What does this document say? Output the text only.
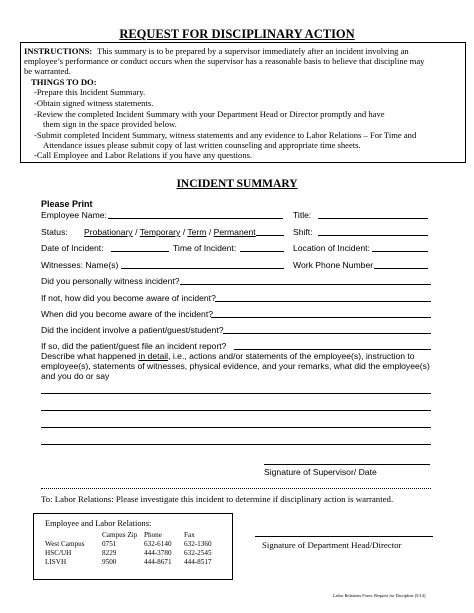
REQUEST FOR DISCIPLINARY ACTION
INSTRUCTIONS: This summary is to be prepared by a supervisor immediately after an incident involving an
employee’s performance or conduct occurs when the supervisor has a reasonable basis to believe that discipline may
be warranted.
THINGS TO DO:
-Prepare this Incident Summary.
-Obtain signed witness statements.
-Review the completed Incident Summary with your Department Head or Director promptly and have
them sign in the space provided below.
-Submit completed Incident Summary, witness statements and any evidence to Labor Relations – For Time and
Attendance issues please submit copy of last written counseling and appropriate time sheets.
-Call Employee and Labor Relations if you have any questions.
INCIDENT SUMMARY
Please Print
Employee Name:	Title:
Status: Probationary / Temporary / Term / Permanent	Shift:
Date of Incident:	Time of Incident:	Location of Incident:
Witnesses: Name(s)	Work Phone Number
Did you personally witness incident?
If not, how did you become aware of incident?
When did you become aware of the incident?
Did the incident involve a patient/guest/student?
If so, did the patient/guest file an incident report?
Describe what happened in detail, i.e., actions and/or statements of the employee(s), instruction to
employee(s), statements of witnesses, physical evidence, and your remarks, what did the employee(s)
and you do or say
Signature of Supervisor/ Date
To: Labor Relations: Please investigate this incident to determine if disciplinary action is warranted.
Employee and Labor Relations:
Campus Zip Phone	Fax
West Campus 0751	632-6140 632-1360
HSC/UH	8229	444-3780 632-2545
LISVH	9500	444-8671 444-8517
Signature of Department Head/Director
Labor Relations Form: Request for Discipline (5/14)
